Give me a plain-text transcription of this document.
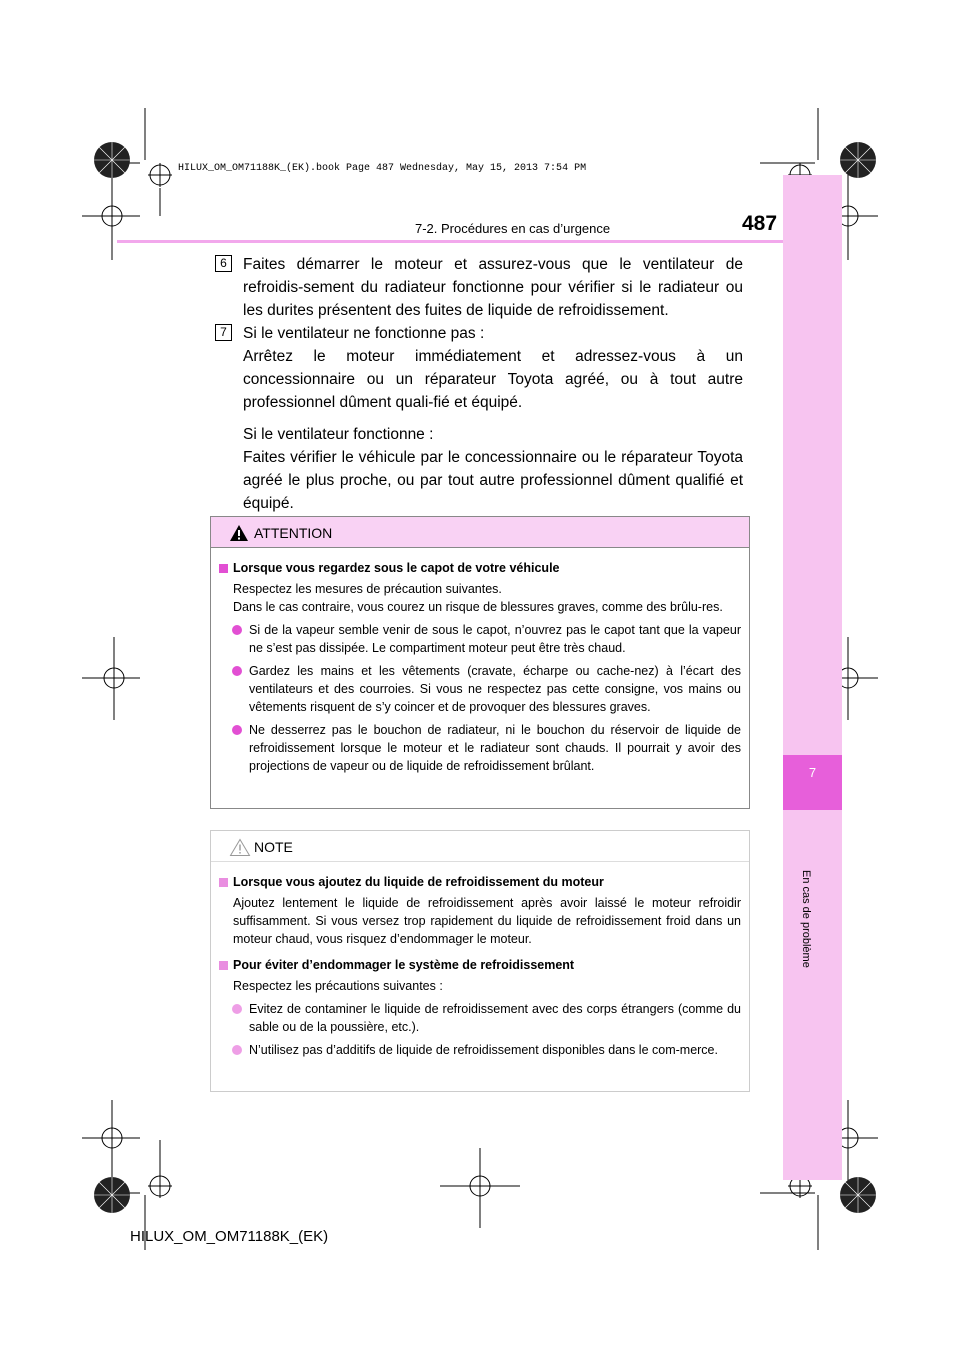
HILUX_OM_OM71188K_(EK).book Page 487 Wednesday, May 15, 2013 7:54 PM
7
En cas de problème
7-2. Procédures en cas d’urgence	487
6	Faites démarrer le moteur et assurez-vous que le ventilateur de refroidis-sement du radiateur fonctionne pour vérifier si le radiateur ou les durites présentent des fuites de liquide de refroidissement.

7	Si le ventilateur ne fonctionne pas :

Arrêtez le moteur immédiatement et adressez-vous à un concessionnaire ou un réparateur Toyota agréé, ou à tout autre professionnel dûment quali-fié et équipé.

Si le ventilateur fonctionne :

Faites vérifier le véhicule par le concessionnaire ou le réparateur Toyota agréé le plus proche, ou par tout autre professionnel dûment qualifié et équipé.

ATTENTION
Lorsque vous regardez sous le capot de votre véhicule
Respectez les mesures de précaution suivantes.
Dans le cas contraire, vous courez un risque de blessures graves, comme des brûlu-res.
Si de la vapeur semble venir de sous le capot, n’ouvrez pas le capot tant que la vapeur ne s’est pas dissipée. Le compartiment moteur peut être très chaud.
Gardez les mains et les vêtements (cravate, écharpe ou cache-nez) à l’écart des ventilateurs et des courroies. Si vous ne respectez pas cette consigne, vos mains ou vêtements risquent de s’y coincer et de provoquer des blessures graves.
Ne desserrez pas le bouchon de radiateur, ni le bouchon du réservoir de liquide de refroidissement lorsque le moteur et le radiateur sont chauds. Il pourrait y avoir des projections de vapeur ou de liquide de refroidissement brûlant.
NOTE
Lorsque vous ajoutez du liquide de refroidissement du moteur
Ajoutez lentement le liquide de refroidissement après avoir laissé le moteur refroidir suffisamment. Si vous versez trop rapidement du liquide de refroidissement froid dans un moteur chaud, vous risquez d’endommager le moteur.
Pour éviter d’endommager le système de refroidissement
Respectez les précautions suivantes :
Evitez de contaminer le liquide de refroidissement avec des corps étrangers (comme du sable ou de la poussière, etc.).
N’utilisez pas d’additifs de liquide de refroidissement disponibles dans le com-merce.
HILUX_OM_OM71188K_(EK)
